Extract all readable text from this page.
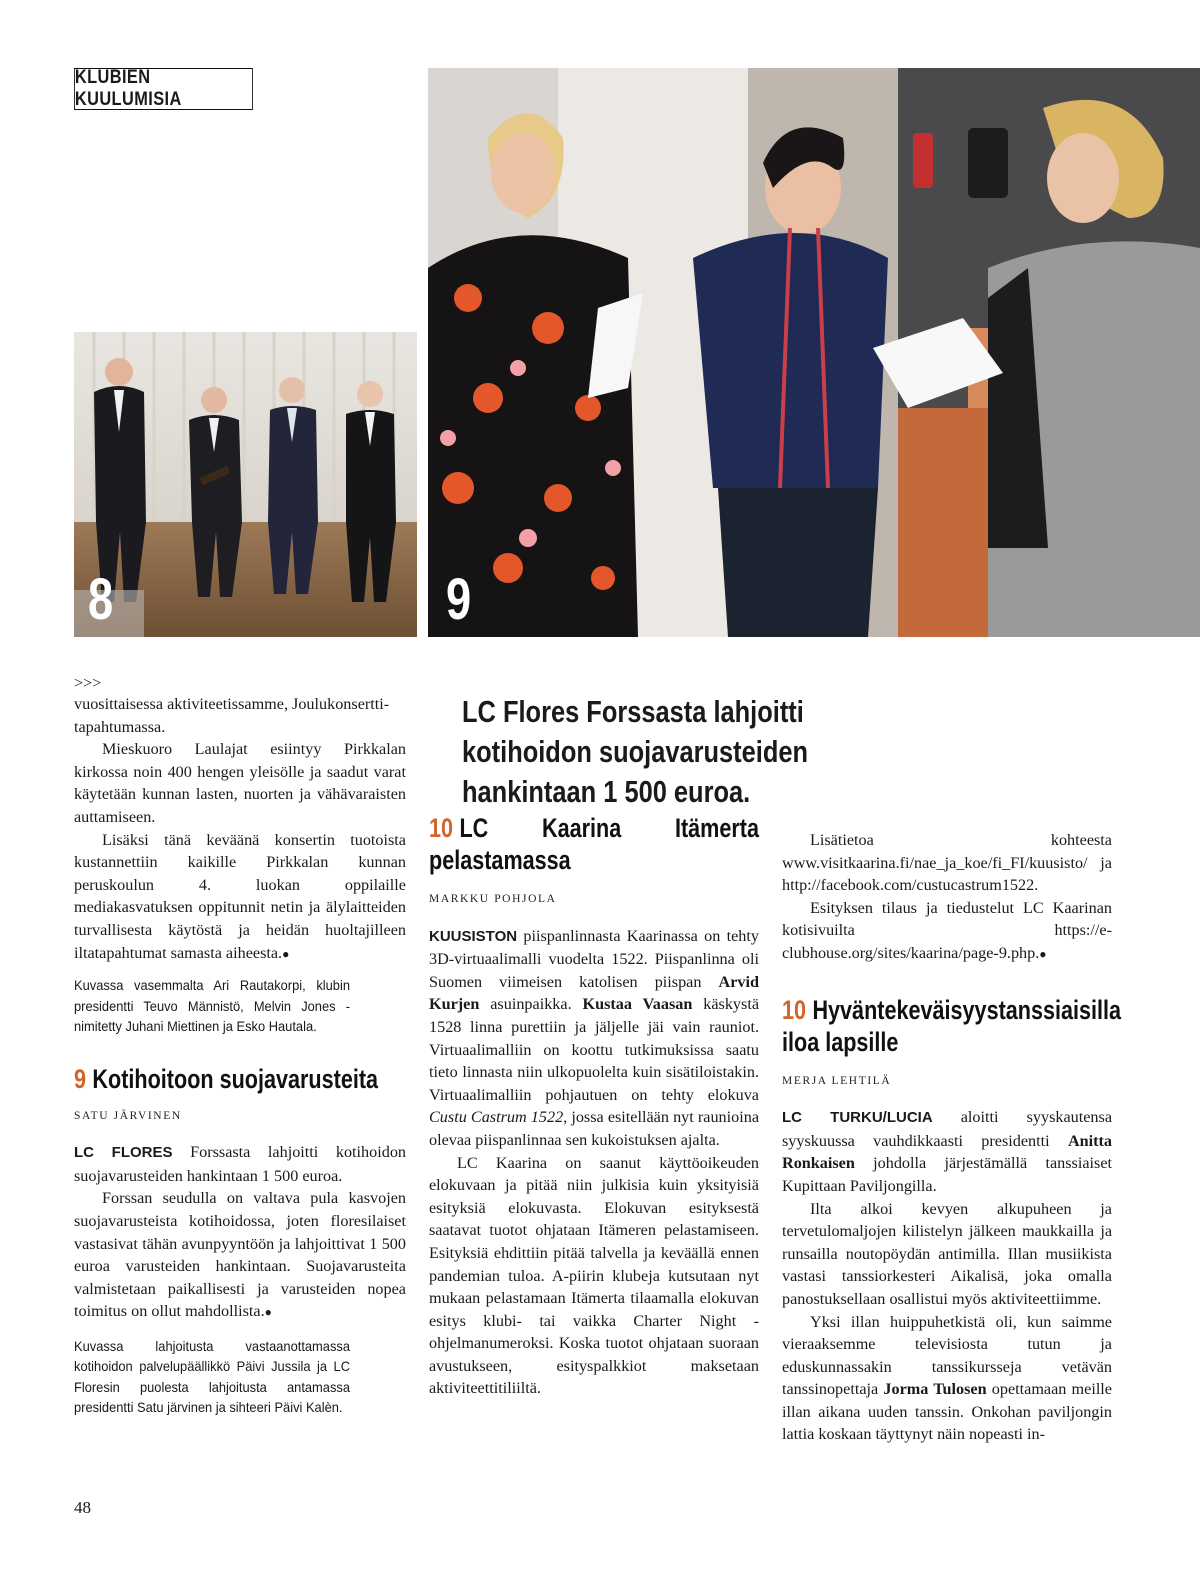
KLUBIEN KUULUMISIA
8	9

>>>

vuosittaisessa aktiviteetissamme, Joulukonsertti-tapahtumassa.

Mieskuoro Laulajat esiintyy Pirkkalan kirkossa noin 400 hengen yleisölle ja saadut varat käytetään kunnan lasten, nuorten ja vähävaraisten auttamiseen.

Lisäksi tänä keväänä konsertin tuotoista kustannettiin kaikille Pirkkalan kunnan peruskoulun 4. luokan oppilaille mediakasvatuksen oppitunnit netin ja älylaitteiden turvallisesta käytöstä ja heidän huoltajilleen iltatapahtumat samasta aiheesta.●

Kuvassa vasemmalta Ari Rautakorpi, klubin presidentti Teuvo Männistö, Melvin Jones -nimitetty Juhani Miettinen ja Esko Hautala.
9 Kotihoitoon suojavarusteita
SATU JÄRVINEN

LC FLORES Forssasta lahjoitti kotihoidon suojavarusteiden hankintaan 1 500 euroa.

Forssan seudulla on valtava pula kasvojen suojavarusteista kotihoidossa, joten floresilaiset vastasivat tähän avunpyyntöön ja lahjoittivat 1 500 euroa varusteiden hankintaan. Suojavarusteita valmistetaan paikallisesti ja varusteiden nopea toimitus on ollut mahdollista.●

Kuvassa lahjoitusta vastaanottamassa kotihoidon palvelupäällikkö Päivi Jussila ja LC Floresin puolesta lahjoitusta antamassa presidentti Satu järvinen ja sihteeri Päivi Kalèn.
LC Flores Forssasta lahjoitti kotihoidon suojavarusteiden hankintaan 1 500 euroa.
10 LC Kaarina Itämerta pelastamassa
MARKKU POHJOLA

KUUSISTON piispanlinnasta Kaarinassa on tehty 3D-virtuaalimalli vuodelta 1522. Piispanlinna oli Suomen viimeisen katolisen piispan Arvid Kurjen asuinpaikka. Kustaa Vaasan käskystä 1528 linna purettiin ja jäljelle jäi vain rauniot. Virtuaalimalliin on koottu tutkimuksissa saatu tieto linnasta niin ulkopuolelta kuin sisätiloistakin. Virtuaalimalliin pohjautuen on tehty elokuva Custu Castrum 1522, jossa esitellään nyt raunioina olevaa piispanlinnaa sen kukoistuksen ajalta.

LC Kaarina on saanut käyttöoikeuden elokuvaan ja pitää niin julkisia kuin yksityisiä esityksiä elokuvasta. Elokuvan esityksestä saatavat tuotot ohjataan Itämeren pelastamiseen. Esityksiä ehdittiin pitää talvella ja keväällä ennen pandemian tuloa. A-piirin klubeja kutsutaan nyt mukaan pelastamaan Itämerta tilaamalla elokuvan esitys klubi- tai vaikka Charter Night -ohjelmanumeroksi. Koska tuotot ohjataan suoraan avustukseen, esityspalkkiot maksetaan aktiviteettitiliiltä.

Lisätietoa kohteesta www.visitkaarina.fi/nae_ja_koe/fi_FI/kuusisto/ ja http://facebook.com/custucastrum1522.

Esityksen tilaus ja tiedustelut LC Kaarinan kotisivuilta https://e-clubhouse.org/sites/kaarina/page-9.php.●

10 Hyväntekeväisyystanssiaisilla iloa lapsille
MERJA LEHTILÄ

LC TURKU/LUCIA aloitti syyskautensa syyskuussa vauhdikkaasti presidentti Anitta Ronkaisen johdolla järjestämällä tanssiaiset Kupittaan Paviljongilla.

Ilta alkoi kevyen alkupuheen ja tervetulomaljojen kilistelyn jälkeen maukkailla ja runsailla noutopöydän antimilla. Illan musiikista vastasi tanssiorkesteri Aikalisä, joka omalla panostuksellaan osallistui myös aktiviteettiimme.

Yksi illan huippuhetkistä oli, kun saimme vieraaksemme televisiosta tutun ja eduskunnassakin tanssikursseja vetävän tanssinopettaja Jorma Tulosen opettamaan meille illan aikana uuden tanssin. Onkohan paviljongin lattia koskaan täyttynyt näin nopeasti in-

48
